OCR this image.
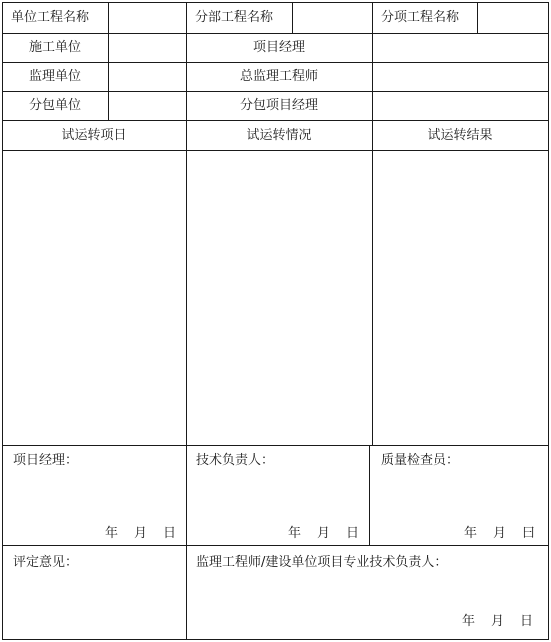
单位工程名称	分部工程名称	分项工程名称
施工单位	项目经理
监理单位	总监理工程师
分包单位	分包项目经理
试运转项日	试运转情况	试运转结果
项日经理：	技术负责人：	质量检查员：
年 月 日	年 月 日	年 月 曰
评定意见：	监理工程师/建设单位项目专业技术负责人：
年 月 日
